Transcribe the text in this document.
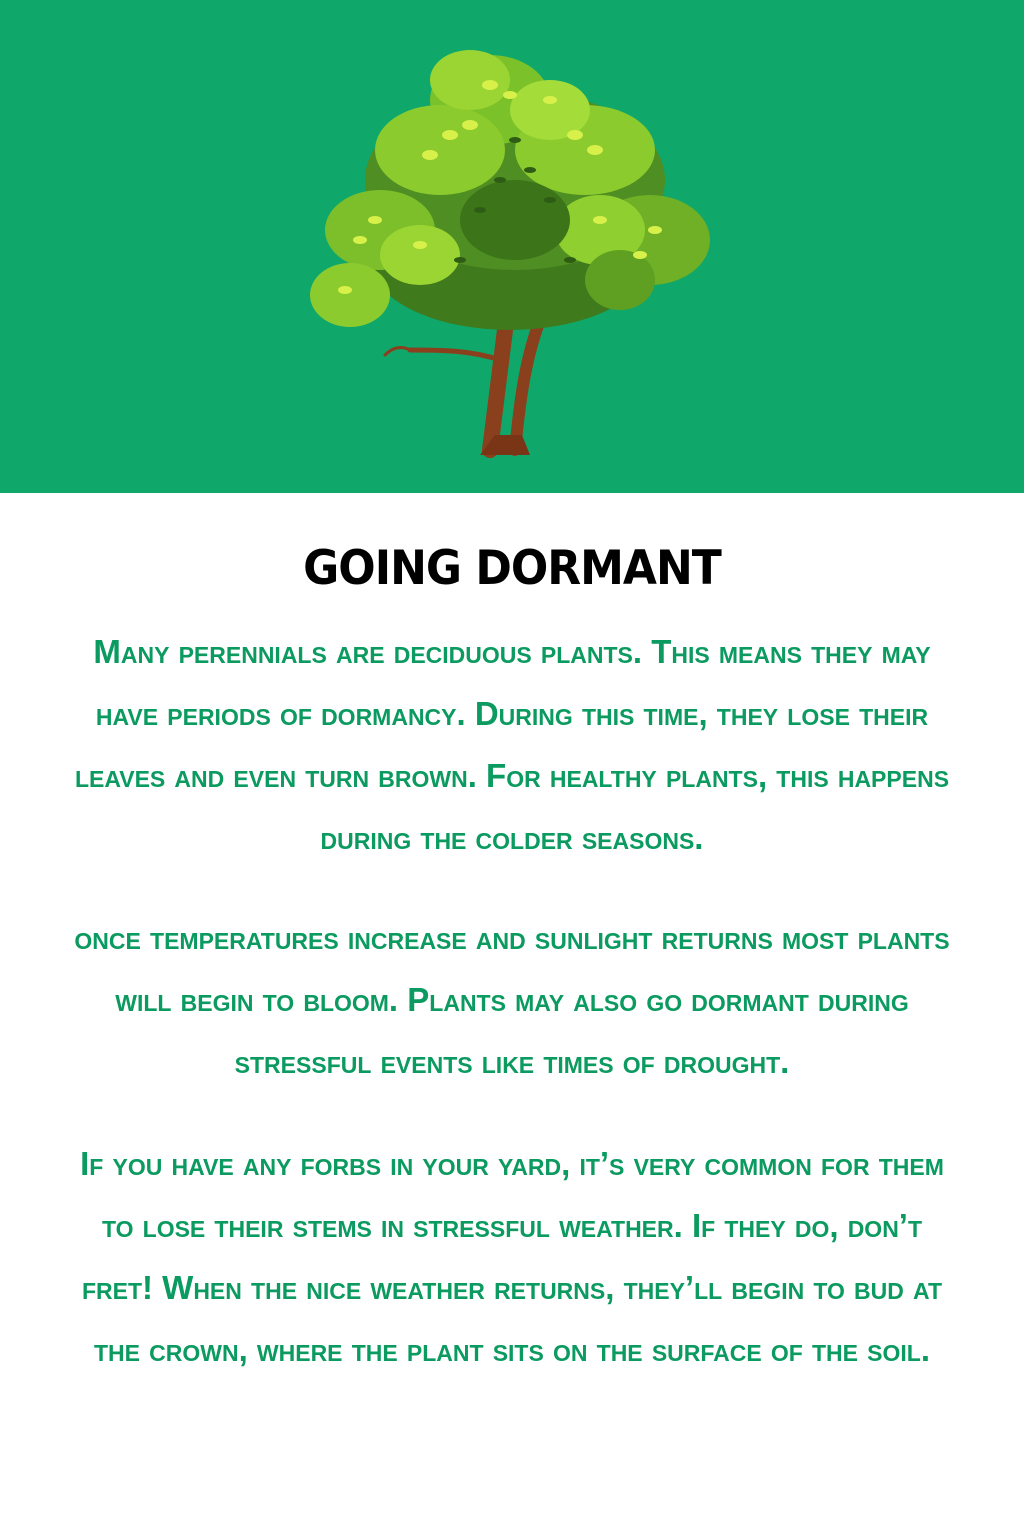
GOING DORMANT

Many perennials are deciduous plants. This means they may have periods of dormancy. During this time, they lose their leaves and even turn brown. For healthy plants, this happens during the colder seasons.

once temperatures increase and sunlight returns most plants will begin to bloom. Plants may also go dormant during stressful events like times of drought.

If you have any forbs in your yard, it’s very common for them to lose their stems in stressful weather. If they do, don’t fret! When the nice weather returns, they’ll begin to bud at the crown, where the plant sits on the surface of the soil.
